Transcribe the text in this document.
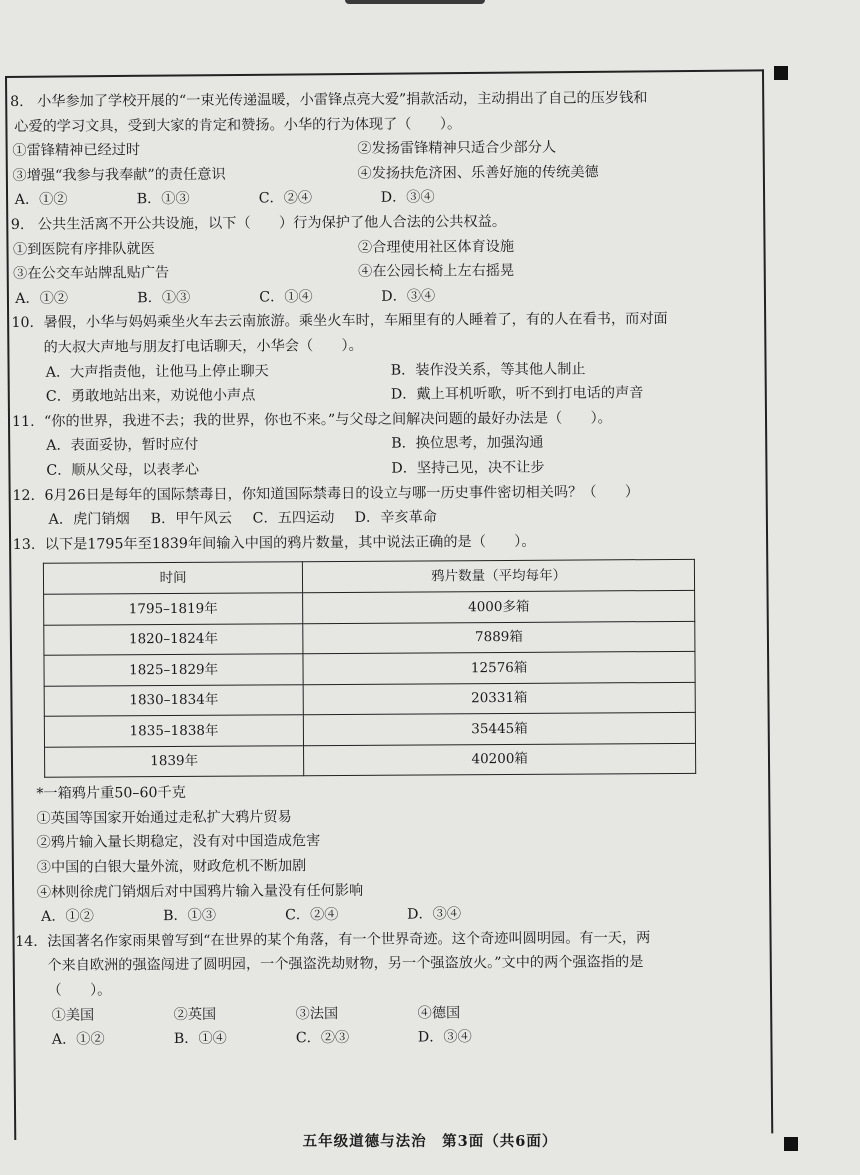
8. 小华参加了学校开展的“一束光传递温暖，小雷锋点亮大爱”捐款活动，主动捐出了自己的压岁钱和
心爱的学习文具，受到大家的肯定和赞扬。小华的行为体现了（　　）。
①雷锋精神已经过时	②发扬雷锋精神只适合少部分人
③增强“我参与我奉献”的责任意识	④发扬扶危济困、乐善好施的传统美德
A．①②	B．①③	C．②④	D．③④
9. 公共生活离不开公共设施，以下（　　）行为保护了他人合法的公共权益。
①到医院有序排队就医	②合理使用社区体育设施
③在公交车站牌乱贴广告	④在公园长椅上左右摇晃
A．①②	B．①③	C．①④	D．③④
10. 暑假，小华与妈妈乘坐火车去云南旅游。乘坐火车时，车厢里有的人睡着了，有的人在看书，而对面
的大叔大声地与朋友打电话聊天，小华会（　　）。
A．大声指责他，让他马上停止聊天	B．装作没关系，等其他人制止
C．勇敢地站出来，劝说他小声点	D．戴上耳机听歌，听不到打电话的声音
11. “你的世界，我进不去；我的世界，你也不来。”与父母之间解决问题的最好办法是（　　）。
A．表面妥协，暂时应付	B．换位思考，加强沟通
C．顺从父母，以表孝心	D．坚持己见，决不让步
12. 6月26日是每年的国际禁毒日，你知道国际禁毒日的设立与哪一历史事件密切相关吗？（　　）
A．虎门销烟	B．甲午风云	C．五四运动	D．辛亥革命
13. 以下是1795年至1839年间输入中国的鸦片数量，其中说法正确的是（　　）。
时间	鸦片数量（平均每年）
1795–1819年	4000多箱
1820–1824年	7889箱
1825–1829年	12576箱
1830–1834年	20331箱
1835–1838年	35445箱
1839年	40200箱
*一箱鸦片重50–60千克
①英国等国家开始通过走私扩大鸦片贸易
②鸦片输入量长期稳定，没有对中国造成危害
③中国的白银大量外流，财政危机不断加剧
④林则徐虎门销烟后对中国鸦片输入量没有任何影响
A．①②	B．①③	C．②④	D．③④
14. 法国著名作家雨果曾写到“在世界的某个角落，有一个世界奇迹。这个奇迹叫圆明园。有一天，两
个来自欧洲的强盗闯进了圆明园，一个强盗洗劫财物，另一个强盗放火。”文中的两个强盗指的是
（　　）。
①美国	②英国	③法国	④德国
A．①②	B．①④	C．②③	D．③④
五年级道德与法治　第3面（共6面）
